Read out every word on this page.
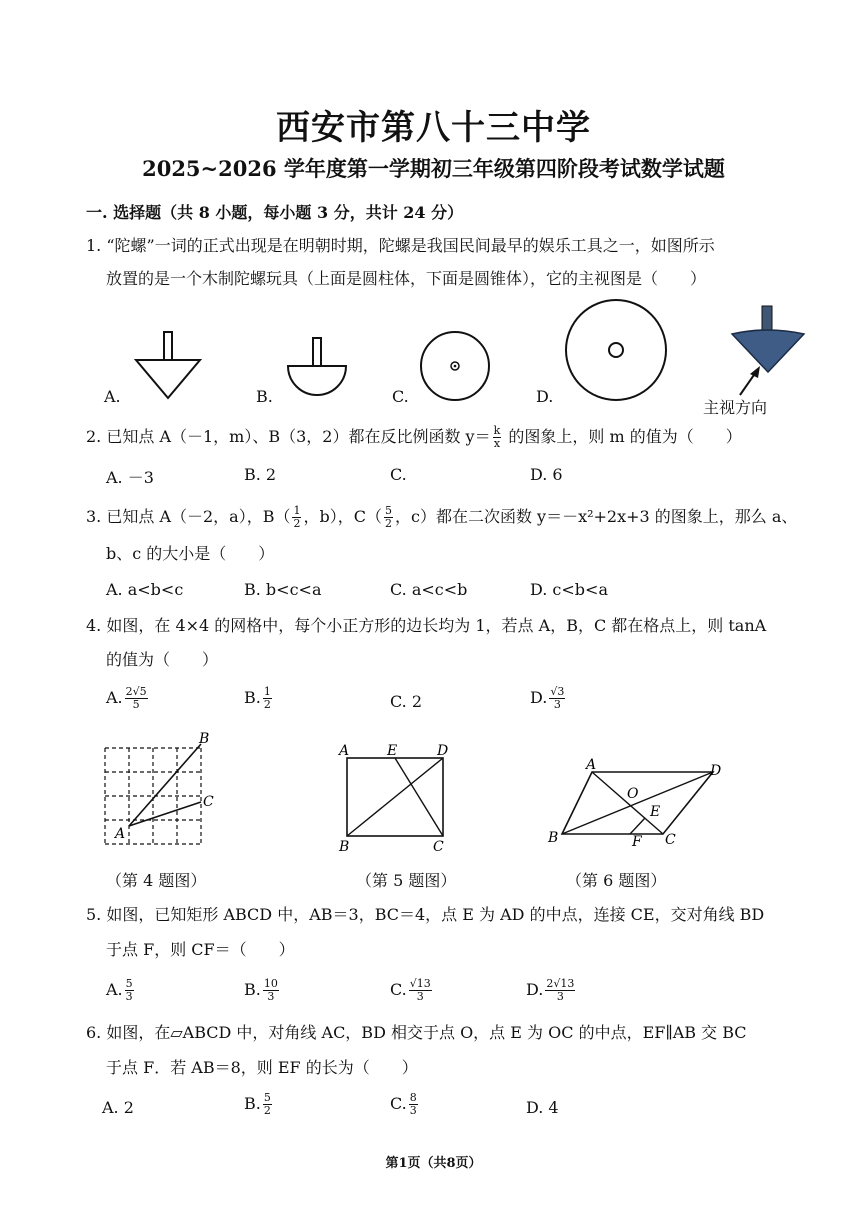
西安市第八十三中学
2025~2026 学年度第一学期初三年级第四阶段考试数学试题
一. 选择题（共 8 小题，每小题 3 分，共计 24 分）
1. “陀螺”一词的正式出现是在明朝时期，陀螺是我国民间最早的娱乐工具之一，如图所示
放置的是一个木制陀螺玩具（上面是圆柱体，下面是圆锥体），它的主视图是（　　）
A.	B.	C.	D.
主视方向
2. 已知点 A（－1，m）、B（3，2）都在反比例函数 $y= \frac{k}{x}$ 的图象上，则 m 的值为（　　）
A. －3	B. 2	C.	D. 6
3. 已知点 A（－2，a），$B( \frac{1}{2}$ ，b），$C( \frac{5}{2}$ ，c）都在二次函数 y＝－x²+2x+3 的图象上，那么 a、
b、c 的大小是（　　）
A. a<b<c	B. b<c<a	C. a<c<b	D. c<b<a
4. 如图，在 4×4 的网格中，每个小正方形的边长均为 1，若点 A，B，C 都在格点上，则 tanA
的值为（　　）
A. $\frac{2√5}{5}$	B. $\frac{1}{2}$	C. 2	D. $\frac{√3}{3}$
A
B
C
A	E	D
B	C
A	D
O
E
B	F C
（第 4 题图）	（第 5 题图）	（第 6 题图）
5. 如图，已知矩形 ABCD 中，AB＝3，BC＝4，点 E 为 AD 的中点，连接 CE，交对角线 BD
于点 F，则 CF＝（　　）
A. $\frac{5}{3}$	B. $\frac{10}{3}$	C. $\frac{√13}{3}$	D. $\frac{2√13}{3}$
6. 如图，在▱ABCD 中，对角线 AC，BD 相交于点 O，点 E 为 OC 的中点，EF∥AB 交 BC
于点 F．若 AB＝8，则 EF 的长为（　　）
A. 2	B. $\frac{5}{2}$	C. $\frac{8}{3}$	D. 4
第1页（共8页）
